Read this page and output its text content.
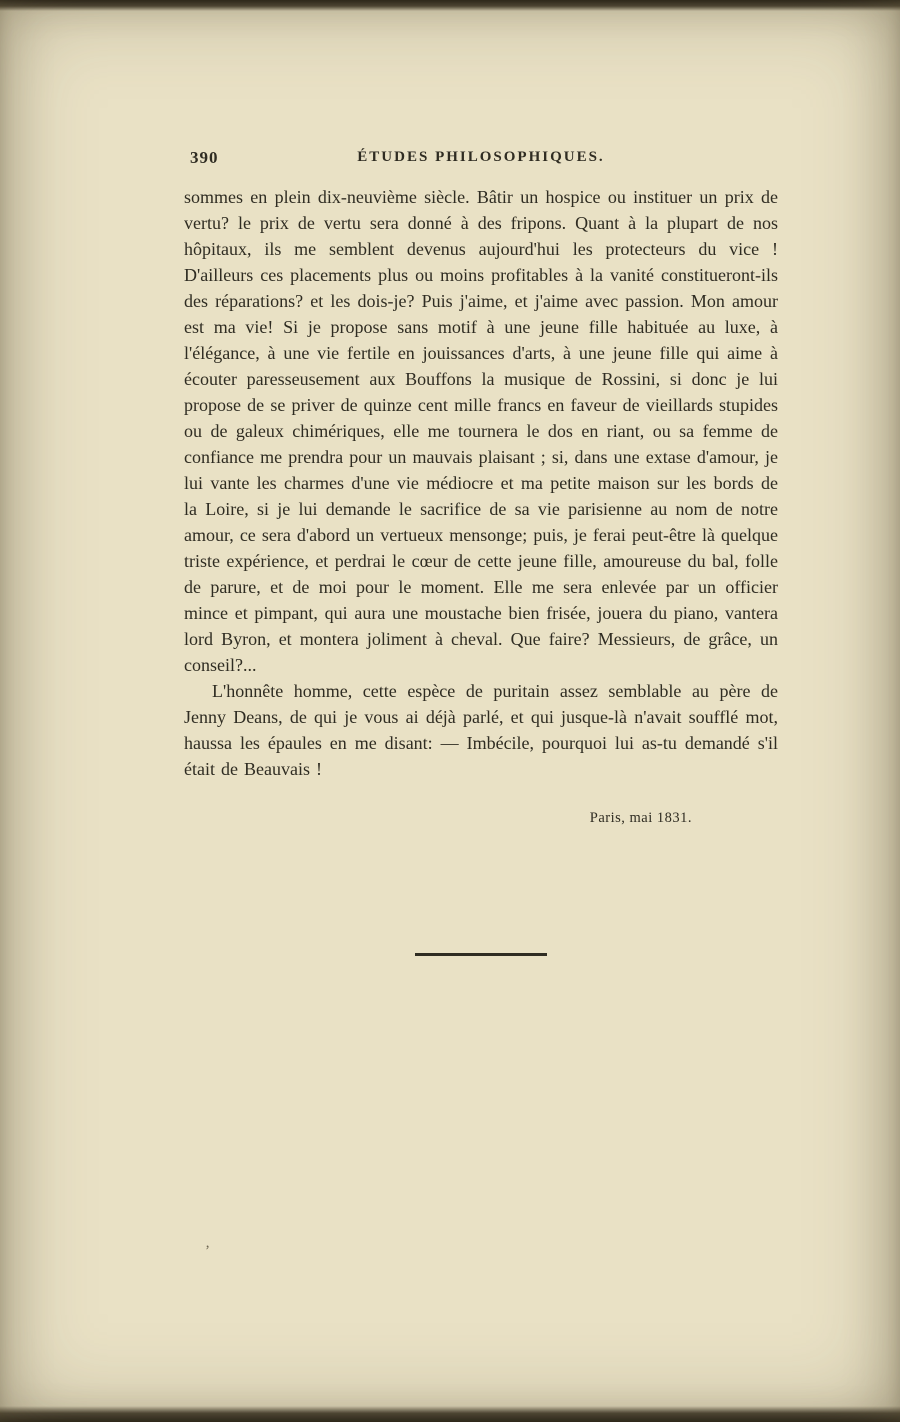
390	ÉTUDES PHILOSOPHIQUES.

sommes en plein dix-neuvième siècle. Bâtir un hospice ou instituer un prix de vertu? le prix de vertu sera donné à des fripons. Quant à la plupart de nos hôpitaux, ils me semblent devenus aujourd'hui les protecteurs du vice ! D'ailleurs ces placements plus ou moins profitables à la vanité constitueront-ils des réparations? et les dois-je? Puis j'aime, et j'aime avec passion. Mon amour est ma vie! Si je propose sans motif à une jeune fille habituée au luxe, à l'élégance, à une vie fertile en jouissances d'arts, à une jeune fille qui aime à écouter paresseusement aux Bouffons la musique de Rossini, si donc je lui propose de se priver de quinze cent mille francs en faveur de vieillards stupides ou de galeux chimériques, elle me tournera le dos en riant, ou sa femme de confiance me prendra pour un mauvais plaisant ; si, dans une extase d'amour, je lui vante les charmes d'une vie médiocre et ma petite maison sur les bords de la Loire, si je lui demande le sacrifice de sa vie parisienne au nom de notre amour, ce sera d'abord un vertueux mensonge; puis, je ferai peut-être là quelque triste expérience, et perdrai le cœur de cette jeune fille, amoureuse du bal, folle de parure, et de moi pour le moment. Elle me sera enlevée par un officier mince et pimpant, qui aura une moustache bien frisée, jouera du piano, vantera lord Byron, et montera joliment à cheval. Que faire? Messieurs, de grâce, un conseil?...

L'honnête homme, cette espèce de puritain assez semblable au père de Jenny Deans, de qui je vous ai déjà parlé, et qui jusque-là n'avait soufflé mot, haussa les épaules en me disant: — Imbécile, pourquoi lui as-tu demandé s'il était de Beauvais !

Paris, mai 1831.

’
